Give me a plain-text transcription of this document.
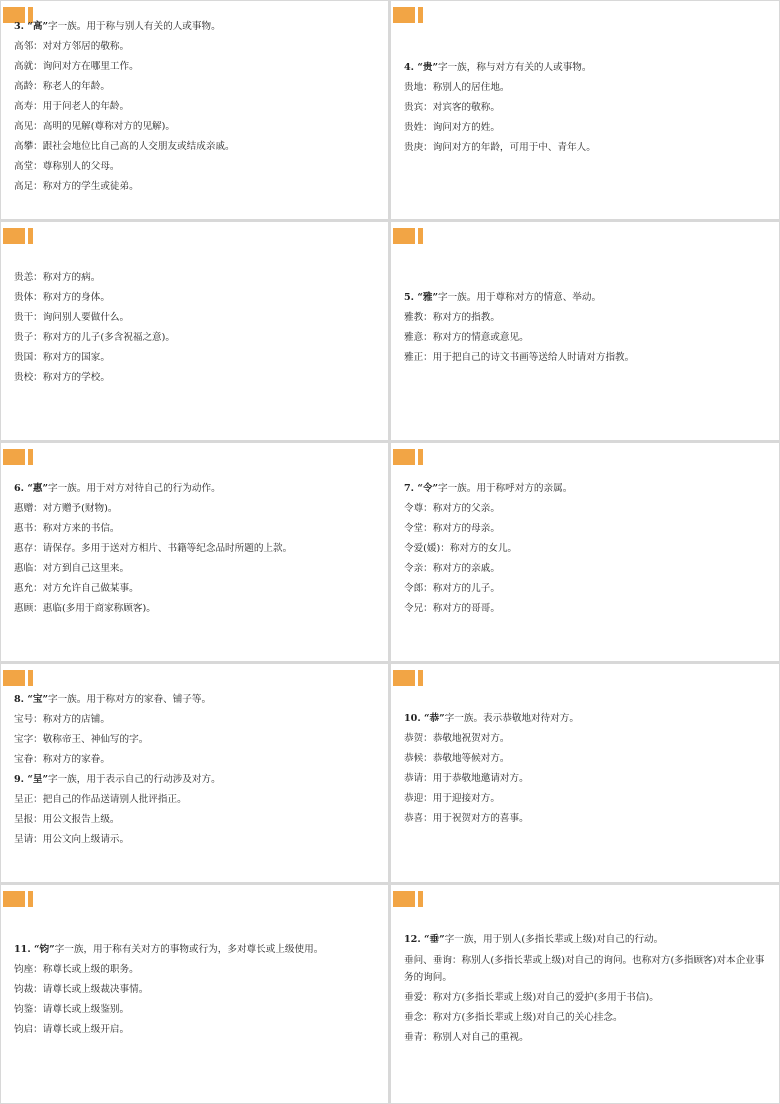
3. “高”字一族。用于称与别人有关的人或事物。
高邻：对对方邻居的敬称。
高就：询问对方在哪里工作。
高龄：称老人的年龄。
高寿：用于问老人的年龄。
高见：高明的见解(尊称对方的见解)。
高攀：跟社会地位比自己高的人交朋友或结成亲戚。
高堂：尊称别人的父母。
高足：称对方的学生或徒弟。
4. “贵”字一族，称与对方有关的人或事物。
贵地：称别人的居住地。
贵宾：对宾客的敬称。
贵姓：询问对方的姓。
贵庚：询问对方的年龄，可用于中、青年人。
贵恙：称对方的病。
贵体：称对方的身体。
贵干：询问别人要做什么。
贵子：称对方的儿子(多含祝福之意)。
贵国：称对方的国家。
贵校：称对方的学校。
5. “雅”字一族。用于尊称对方的情意、举动。
雅教：称对方的指教。
雅意：称对方的情意或意见。
雅正：用于把自己的诗文书画等送给人时请对方指教。
6. “惠”字一族。用于对方对待自己的行为动作。
惠赠：对方赠予(财物)。
惠书：称对方来的书信。
惠存：请保存。多用于送对方相片、书籍等纪念品时所题的上款。
惠临：对方到自己这里来。
惠允：对方允许自己做某事。
惠顾：惠临(多用于商家称顾客)。
7. “令”字一族。用于称呼对方的亲属。
令尊：称对方的父亲。
令堂：称对方的母亲。
令爱(媛)：称对方的女儿。
令亲：称对方的亲戚。
令郎：称对方的儿子。
令兄：称对方的哥哥。
8. “宝”字一族。用于称对方的家眷、铺子等。
宝号：称对方的店铺。
宝字：敬称帝王、神仙写的字。
宝眷：称对方的家眷。
9. “呈”字一族，用于表示自己的行动涉及对方。
呈正：把自己的作品送请别人批评指正。
呈报：用公文报告上级。
呈请：用公文向上级请示。
10. “恭”字一族。表示恭敬地对待对方。
恭贺：恭敬地祝贺对方。
恭候：恭敬地等候对方。
恭请：用于恭敬地邀请对方。
恭迎：用于迎接对方。
恭喜：用于祝贺对方的喜事。
11. “钧”字一族，用于称有关对方的事物或行为，多对尊长或上级使用。
钧座：称尊长或上级的职务。
钧裁：请尊长或上级裁决事情。
钧鉴：请尊长或上级鉴别。
钧启：请尊长或上级开启。
12. “垂”字一族，用于别人(多指长辈或上级)对自己的行动。
垂问、垂询：称别人(多指长辈或上级)对自己的询问。也称对方(多指顾客)对本企业事务的询问。
垂爱：称对方(多指长辈或上级)对自己的爱护(多用于书信)。
垂念：称对方(多指长辈或上级)对自己的关心挂念。
垂青：称别人对自己的重视。
